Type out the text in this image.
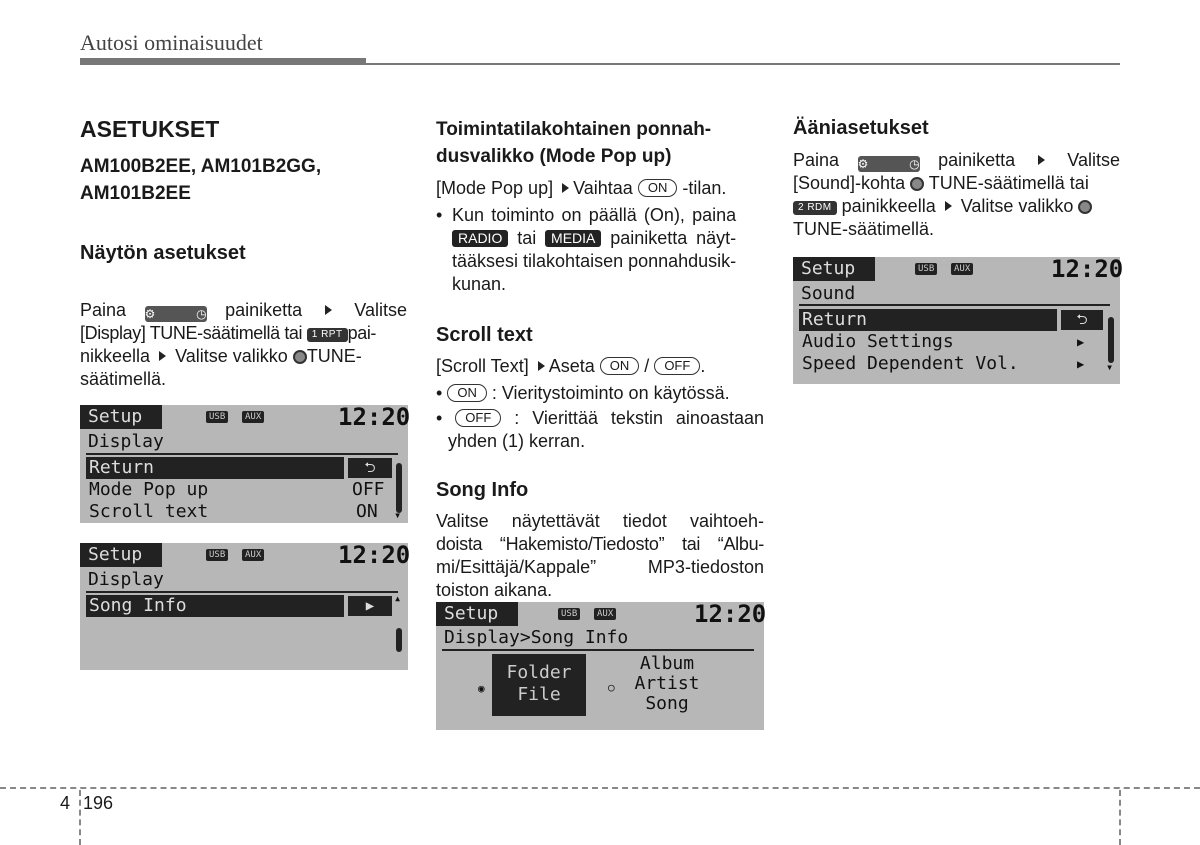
Autosi ominaisuudet
ASETUKSET
AM100B2EE, AM101B2GG,
AM101B2EE
Näytön asetukset

Paina ⚙ ◷ painiketta	Valitse

[Display] TUNE-säätimellä tai 1 RPT pai-

nikkeella Valitse valikko TUNE-

säätimellä.

Setup	USB	AUX	12:20
Display
Return	⮌
Mode Pop up	OFF
Scroll text	ON ▾
Setup	USB	AUX	12:20
Display
Song Info	▶	▴
Toimintatilakohtainen ponnah-
dusvalikko (Mode Pop up)

[Mode Pop up] Vaihtaa ON -tilan.

• Kun toiminto on päällä (On), paina
RADIO tai MEDIA painiketta näyt-
tääksesi tilakohtaisen ponnahdusik-
kunan.
Scroll text

[Scroll Text] Aseta ON / OFF .

• ON : Vieritystoiminto on käytössä.

• OFF : Vierittää tekstin ainoastaan

yhden (1) kerran.

Song Info
Valitse näytettävät tiedot vaihtoeh-
doista “Hakemisto/Tiedosto” tai “Albu-
mi/Esittäjä/Kappale” MP3-tiedoston
toiston aikana.
Setup	USB	AUX	12:20
Display>Song Info
◉
Folder
File	○
Album
Artist
Song
Ääniasetukset

Paina ⚙ ◷ painiketta	Valitse

[Sound]-kohta TUNE-säätimellä tai

2 RDM painikkeella Valitse valikko

TUNE-säätimellä.

Setup	USB	AUX	12:20
Sound
Return	⮌
Audio Settings	▶
Speed Dependent Vol.	▶ ▾
4 196
